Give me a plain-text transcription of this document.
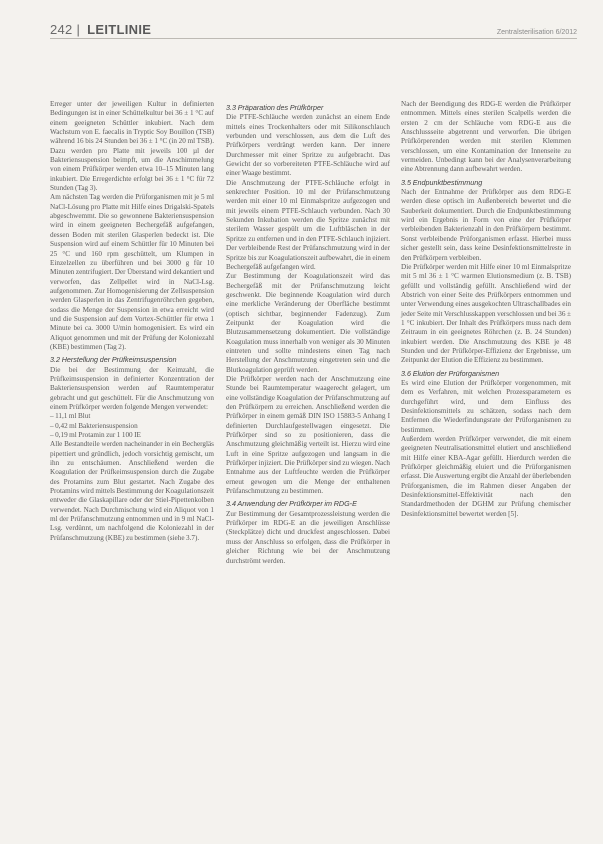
242 | LEITLINIE	Zentralsterilisation 6/2012

Erreger unter der jeweiligen Kultur in definierten Bedingungen ist in einer Schüttelkultur bei 36 ± 1 °C auf einem geeigneten Schüttler inkubiert. Nach dem Wachstum von E. faecalis in Tryptic Soy Bouillon (TSB) während 16 bis 24 Stunden bei 36 ± 1 °C (in 20 ml TSB). Dazu werden pro Platte mit jeweils 100 µl der Bakteriensuspension beimpft, um die Anschimmelung von einem Prüfkörper werden etwa 10–15 Minuten lang inkubiert. Die Erregerdichte erfolgt bei 36 ± 1 °C für 72 Stunden (Tag 3).

Am nächsten Tag werden die Prüforganismen mit je 5 ml NaCl-Lösung pro Platte mit Hilfe eines Drigalski-Spatels abgeschwemmt. Die so gewonnene Bakteriensuspension wird in einem geeigneten Bechergefäß aufgefangen, dessen Boden mit sterilen Glasperlen bedeckt ist. Die Suspension wird auf einem Schüttler für 10 Minuten bei 25 °C und 160 rpm geschüttelt, um Klumpen in Einzelzellen zu überführen und bei 3000 g für 10 Minuten zentrifugiert. Der Überstand wird dekantiert und verworfen, das Zellpellet wird in NaCl-Lsg. aufgenommen. Zur Homogenisierung der Zellsuspension werden Glasperlen in das Zentrifugenröhrchen gegeben, sodass die Menge der Suspension in etwa erreicht wird und die Suspension auf dem Vortex-Schüttler für etwa 1 Minute bei ca. 3000 U/min homogenisiert. Es wird ein Aliquot genommen und mit der Prüfung der Koloniezahl (KBE) bestimmen (Tag 2).

3.2 Herstellung der Prüfkeimsuspension

Die bei der Bestimmung der Keimzahl, die Prüfkeimsuspension in definierter Konzentration der Bakteriensuspension werden auf Raumtemperatur gebracht und gut geschüttelt. Für die Anschmutzung von einem Prüfkörper werden folgende Mengen verwendet:

– 11,1 ml Blut
– 0,42 ml Bakteriensuspension
– 0,19 ml Protamin zur 1 100 IE

Alle Bestandteile werden nacheinander in ein Bechergläs pipettiert und gründlich, jedoch vorsichtig gemischt, um ihn zu entschäumen. Anschließend werden die Koagulation der Prüfkeimsuspension durch die Zugabe des Protamins zum Blut gestartet. Nach Zugabe des Protamins wird mittels Bestimmung der Koagulationszeit entweder die Glaskapillare oder der Stiel-Pipettenkolben verwendet. Nach Durchmischung wird ein Aliquot von 1 ml der Prüfanschmutzung entnommen und in 9 ml NaCl-Lsg. verdünnt, um nachfolgend die Koloniezahl in der Prüfanschmutzung (KBE) zu bestimmen (siehe 3.7).

3.3 Präparation des Prüfkörper

Die PTFE-Schläuche werden zunächst an einem Ende mittels eines Trockenhalters oder mit Silikonschlauch verbunden und verschlossen, aus dem die Luft des Prüfkörpers verdrängt werden kann. Der innere Durchmesser mit einer Spritze zu aufgebracht. Das Gewicht der so vorbereiteten PTFE-Schläuche wird auf einer Waage bestimmt.

Die Anschmutzung der PTFE-Schläuche erfolgt in senkrechter Position. 10 ml der Prüfanschmutzung werden mit einer 10 ml Einmalspritze aufgezogen und mit jeweils einem PTFE-Schlauch verbunden. Nach 30 Sekunden Inkubation werden die Spritze zunächst mit sterilem Wasser gespült um die Luftbläschen in der Spritze zu entfernen und in den PTFE-Schlauch injiziert. Der verbleibende Rest der Prüfanschmutzung wird in der Spritze bis zur Koagulationszeit aufbewahrt, die in einem Bechergefäß aufgefangen wird.

Zur Bestimmung der Koagulationszeit wird das Bechergefäß mit der Prüfanschmutzung leicht geschwenkt. Die beginnende Koagulation wird durch eine merkliche Veränderung der Oberfläche bestimmt (optisch sichtbar, beginnender Fadenzug). Zum Zeitpunkt der Koagulation wird die Blutzusammensetzung dokumentiert. Die vollständige Koagulation muss innerhalb von weniger als 30 Minuten eintreten und sollte mindestens einen Tag nach Herstellung der Anschmutzung eingetreten sein und die Blutkoagulation geprüft werden.

Die Prüfkörper werden nach der Anschmutzung eine Stunde bei Raumtemperatur waagerecht gelagert, um eine vollständige Koagulation der Prüfanschmutzung auf den Prüfkörpern zu erreichen. Anschließend werden die Prüfkörper in einem gemäß DIN ISO 15883-5 Anhang I definierten Durchlaufgestellwagen eingesetzt. Die Prüfkörper sind so zu positionieren, dass die Anschmutzung gleichmäßig verteilt ist. Hierzu wird eine Luft in eine Spritze aufgezogen und langsam in die Prüfkörper injiziert. Die Prüfkörper sind zu wiegen. Nach Entnahme aus der Luftfeuchte werden die Prüfkörper erneut gewogen um die Menge der enthaltenen Prüfanschmutzung zu bestimmen.

3.4 Anwendung der Prüfkörper im RDG-E

Zur Bestimmung der Gesamtprozessleistung werden die Prüfkörper im RDG-E an die jeweiligen Anschlüsse (Steckplätze) dicht und druckfest angeschlossen. Dabei muss der Anschluss so erfolgen, dass die Prüfkörper in gleicher Richtung wie bei der Anschmutzung durchströmt werden.

Nach der Beendigung des RDG-E werden die Prüfkörper entnommen. Mittels eines sterilen Scalpells werden die ersten 2 cm der Schläuche vom RDG-E aus die Anschlussseite abgetrennt und verworfen. Die übrigen Prüfkörperenden werden mit sterilen Klemmen verschlossen, um eine Kontamination der Innenseite zu vermeiden. Unbedingt kann bei der Analysenverarbeitung eine Abtrennung dann aufbewahrt werden.

3.5 Endpunktbestimmung

Nach der Entnahme der Prüfkörper aus dem RDG-E werden diese optisch im Außenbereich bewertet und die Sauberkeit dokumentiert. Durch die Endpunktbestimmung wird ein Ergebnis in Form von eine der Prüfkörper verbleibenden Bakterienzahl in den Prüfkörpern bestimmt. Sonst verbleibende Prüforganismen erfasst. Hierbei muss sicher gestellt sein, dass keine Desinfektionsmittelreste in den Prüfkörpern verbleiben.

Die Prüfkörper werden mit Hilfe einer 10 ml Einmalspritze mit 5 ml 36 ± 1 °C warmen Elutionsmedium (z. B. TSB) gefüllt und vollständig gefüllt. Anschließend wird der Abstrich von einer Seite des Prüfkörpers entnommen und unter Verwendung eines ausgekochten Ultraschallbades ein jeder Seite mit Verschlusskappen verschlossen und bei 36 ± 1 °C inkubiert. Der Inhalt des Prüfkörpers muss nach dem Zeitraum in ein geeignetes Röhrchen (z. B. 24 Stunden) inkubiert werden. Die Anschmutzung des KBE je 48 Stunden und der Prüfkörper-Effizienz der Ergebnisse, um Zeitpunkt der Elution die Effizienz zu bestimmen.

3.6 Elution der Prüforganismen

Es wird eine Elution der Prüfkörper vorgenommen, mit dem es Verfahren, mit welchen Prozessparametern es durchgeführt wird, und dem Einfluss des Desinfektionsmittels zu schätzen, sodass nach dem Entfernen die Wiederfindungsrate der Prüforganismen zu bestimmen.

Außerdem werden Prüfkörper verwendet, die mit einem geeigneten Neutralisationsmittel elutiert und anschließend mit Hilfe einer KBA-Agar gefüllt. Hierdurch werden die Prüfkörper gleichmäßig eluiert und die Prüforganismen erfasst. Die Auswertung ergibt die Anzahl der überlebenden Prüforganismen, die im Rahmen dieser Angaben der Desinfektionsmittel-Effektivität nach den Standardmethoden der DGHM zur Prüfung chemischer Desinfektionsmittel bewertet werden [5].
